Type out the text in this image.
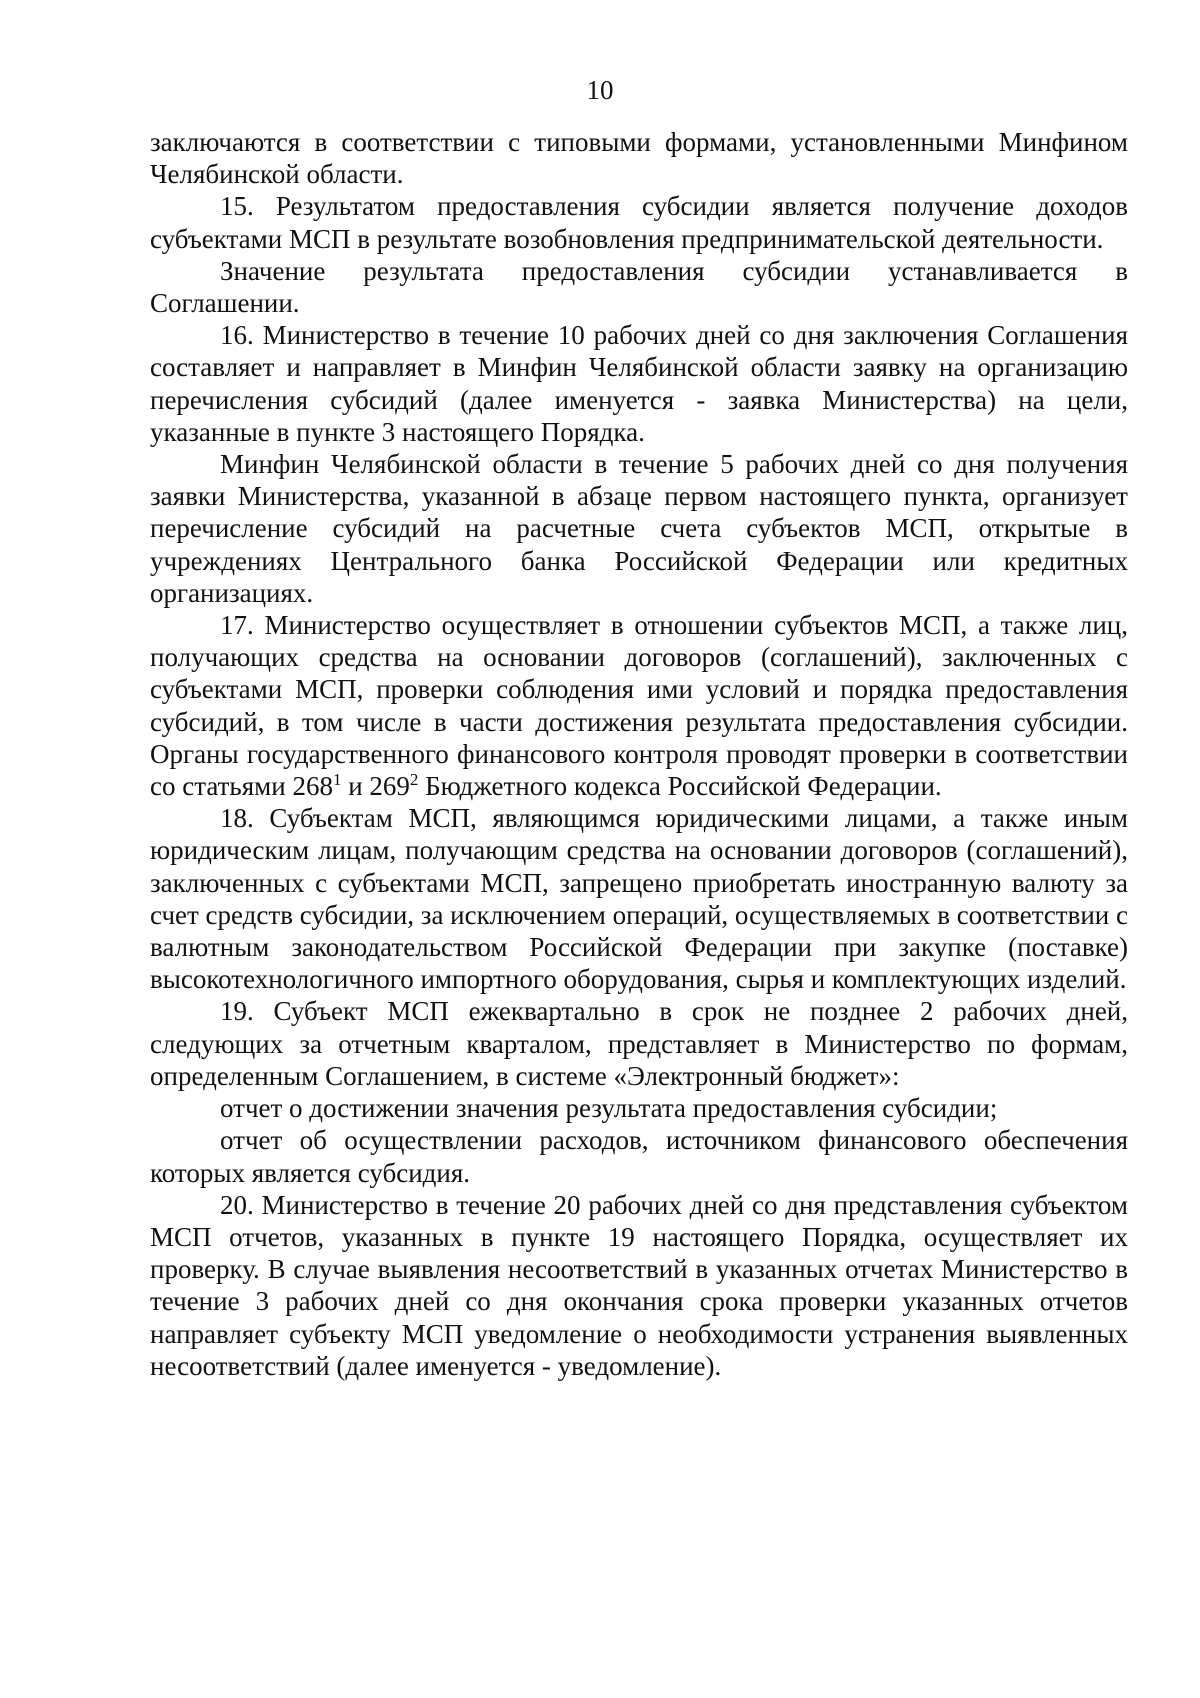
10

заключаются в соответствии с типовыми формами, установленными Минфином Челябинской области.

15. Результатом предоставления субсидии является получение доходов субъектами МСП в результате возобновления предпринимательской деятельности.

Значение результата предоставления субсидии устанавливается в Соглашении.

16. Министерство в течение 10 рабочих дней со дня заключения Соглашения составляет и направляет в Минфин Челябинской области заявку на организацию перечисления субсидий (далее именуется - заявка Министерства) на цели, указанные в пункте 3 настоящего Порядка.

Минфин Челябинской области в течение 5 рабочих дней со дня получения заявки Министерства, указанной в абзаце первом настоящего пункта, организует перечисление субсидий на расчетные счета субъектов МСП, открытые в учреждениях Центрального банка Российской Федерации или кредитных организациях.

17. Министерство осуществляет в отношении субъектов МСП, а также лиц, получающих средства на основании договоров (соглашений), заключенных с субъектами МСП, проверки соблюдения ими условий и порядка предоставления субсидий, в том числе в части достижения результата предоставления субсидии. Органы государственного финансового контроля проводят проверки в соответствии со статьями $268^1$ и $269^2$ Бюджетного кодекса Российской Федерации.

18. Субъектам МСП, являющимся юридическими лицами, а также иным юридическим лицам, получающим средства на основании договоров (соглашений), заключенных с субъектами МСП, запрещено приобретать иностранную валюту за счет средств субсидии, за исключением операций, осуществляемых в соответствии с валютным законодательством Российской Федерации при закупке (поставке) высокотехнологичного импортного оборудования, сырья и комплектующих изделий.

19. Субъект МСП ежеквартально в срок не позднее 2 рабочих дней, следующих за отчетным кварталом, представляет в Министерство по формам, определенным Соглашением, в системе «Электронный бюджет»:

отчет о достижении значения результата предоставления субсидии;

отчет об осуществлении расходов, источником финансового обеспечения которых является субсидия.

20. Министерство в течение 20 рабочих дней со дня представления субъектом МСП отчетов, указанных в пункте 19 настоящего Порядка, осуществляет их проверку. В случае выявления несоответствий в указанных отчетах Министерство в течение 3 рабочих дней со дня окончания срока проверки указанных отчетов направляет субъекту МСП уведомление о необходимости устранения выявленных несоответствий (далее именуется - уведомление).
